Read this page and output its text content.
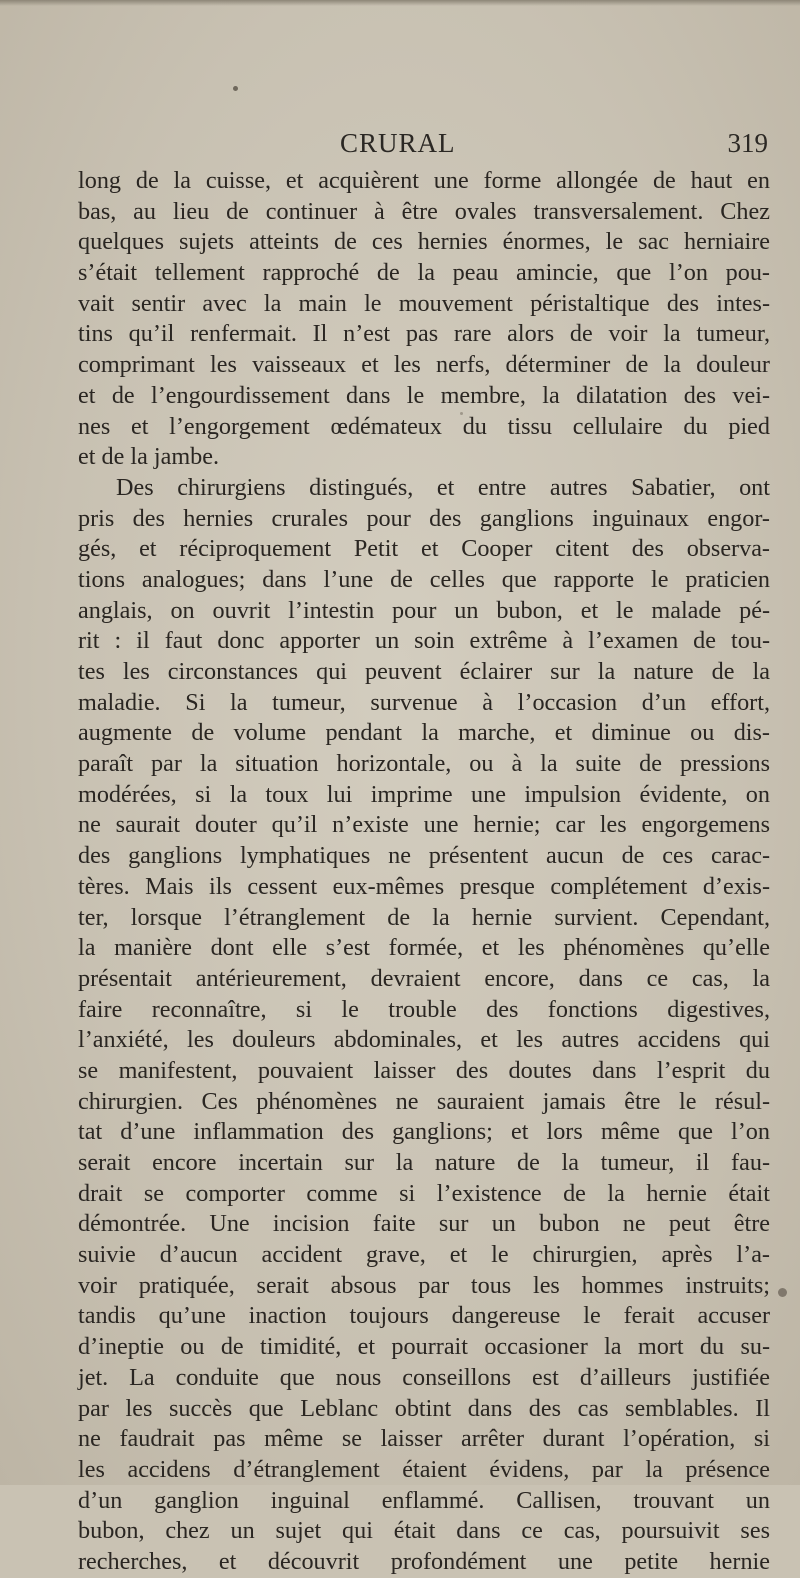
CRURAL	319
long de la cuisse, et acquièrent une forme allongée de haut en
bas, au lieu de continuer à être ovales transversalement. Chez
quelques sujets atteints de ces hernies énormes, le sac herniaire
s’était tellement rapproché de la peau amincie, que l’on pou-
vait sentir avec la main le mouvement péristaltique des intes-
tins qu’il renfermait. Il n’est pas rare alors de voir la tumeur,
comprimant les vaisseaux et les nerfs, déterminer de la douleur
et de l’engourdissement dans le membre, la dilatation des vei-
nes et l’engorgement œdémateux du tissu cellulaire du pied
et de la jambe.
Des chirurgiens distingués, et entre autres Sabatier, ont
pris des hernies crurales pour des ganglions inguinaux engor-
gés, et réciproquement Petit et Cooper citent des observa-
tions analogues; dans l’une de celles que rapporte le praticien
anglais, on ouvrit l’intestin pour un bubon, et le malade pé-
rit : il faut donc apporter un soin extrême à l’examen de tou-
tes les circonstances qui peuvent éclairer sur la nature de la
maladie. Si la tumeur, survenue à l’occasion d’un effort,
augmente de volume pendant la marche, et diminue ou dis-
paraît par la situation horizontale, ou à la suite de pressions
modérées, si la toux lui imprime une impulsion évidente, on
ne saurait douter qu’il n’existe une hernie; car les engorgemens
des ganglions lymphatiques ne présentent aucun de ces carac-
tères. Mais ils cessent eux-mêmes presque complétement d’exis-
ter, lorsque l’étranglement de la hernie survient. Cependant,
la manière dont elle s’est formée, et les phénomènes qu’elle
présentait antérieurement, devraient encore, dans ce cas, la
faire reconnaître, si le trouble des fonctions digestives,
l’anxiété, les douleurs abdominales, et les autres accidens qui
se manifestent, pouvaient laisser des doutes dans l’esprit du
chirurgien. Ces phénomènes ne sauraient jamais être le résul-
tat d’une inflammation des ganglions; et lors même que l’on
serait encore incertain sur la nature de la tumeur, il fau-
drait se comporter comme si l’existence de la hernie était
démontrée. Une incision faite sur un bubon ne peut être
suivie d’aucun accident grave, et le chirurgien, après l’a-
voir pratiquée, serait absous par tous les hommes instruits;
tandis qu’une inaction toujours dangereuse le ferait accuser
d’ineptie ou de timidité, et pourrait occasioner la mort du su-
jet. La conduite que nous conseillons est d’ailleurs justifiée
par les succès que Leblanc obtint dans des cas semblables. Il
ne faudrait pas même se laisser arrêter durant l’opération, si
les accidens d’étranglement étaient évidens, par la présence
d’un ganglion inguinal enflammé. Callisen, trouvant un
bubon, chez un sujet qui était dans ce cas, poursuivit ses
recherches, et découvrit profondément une petite hernie
